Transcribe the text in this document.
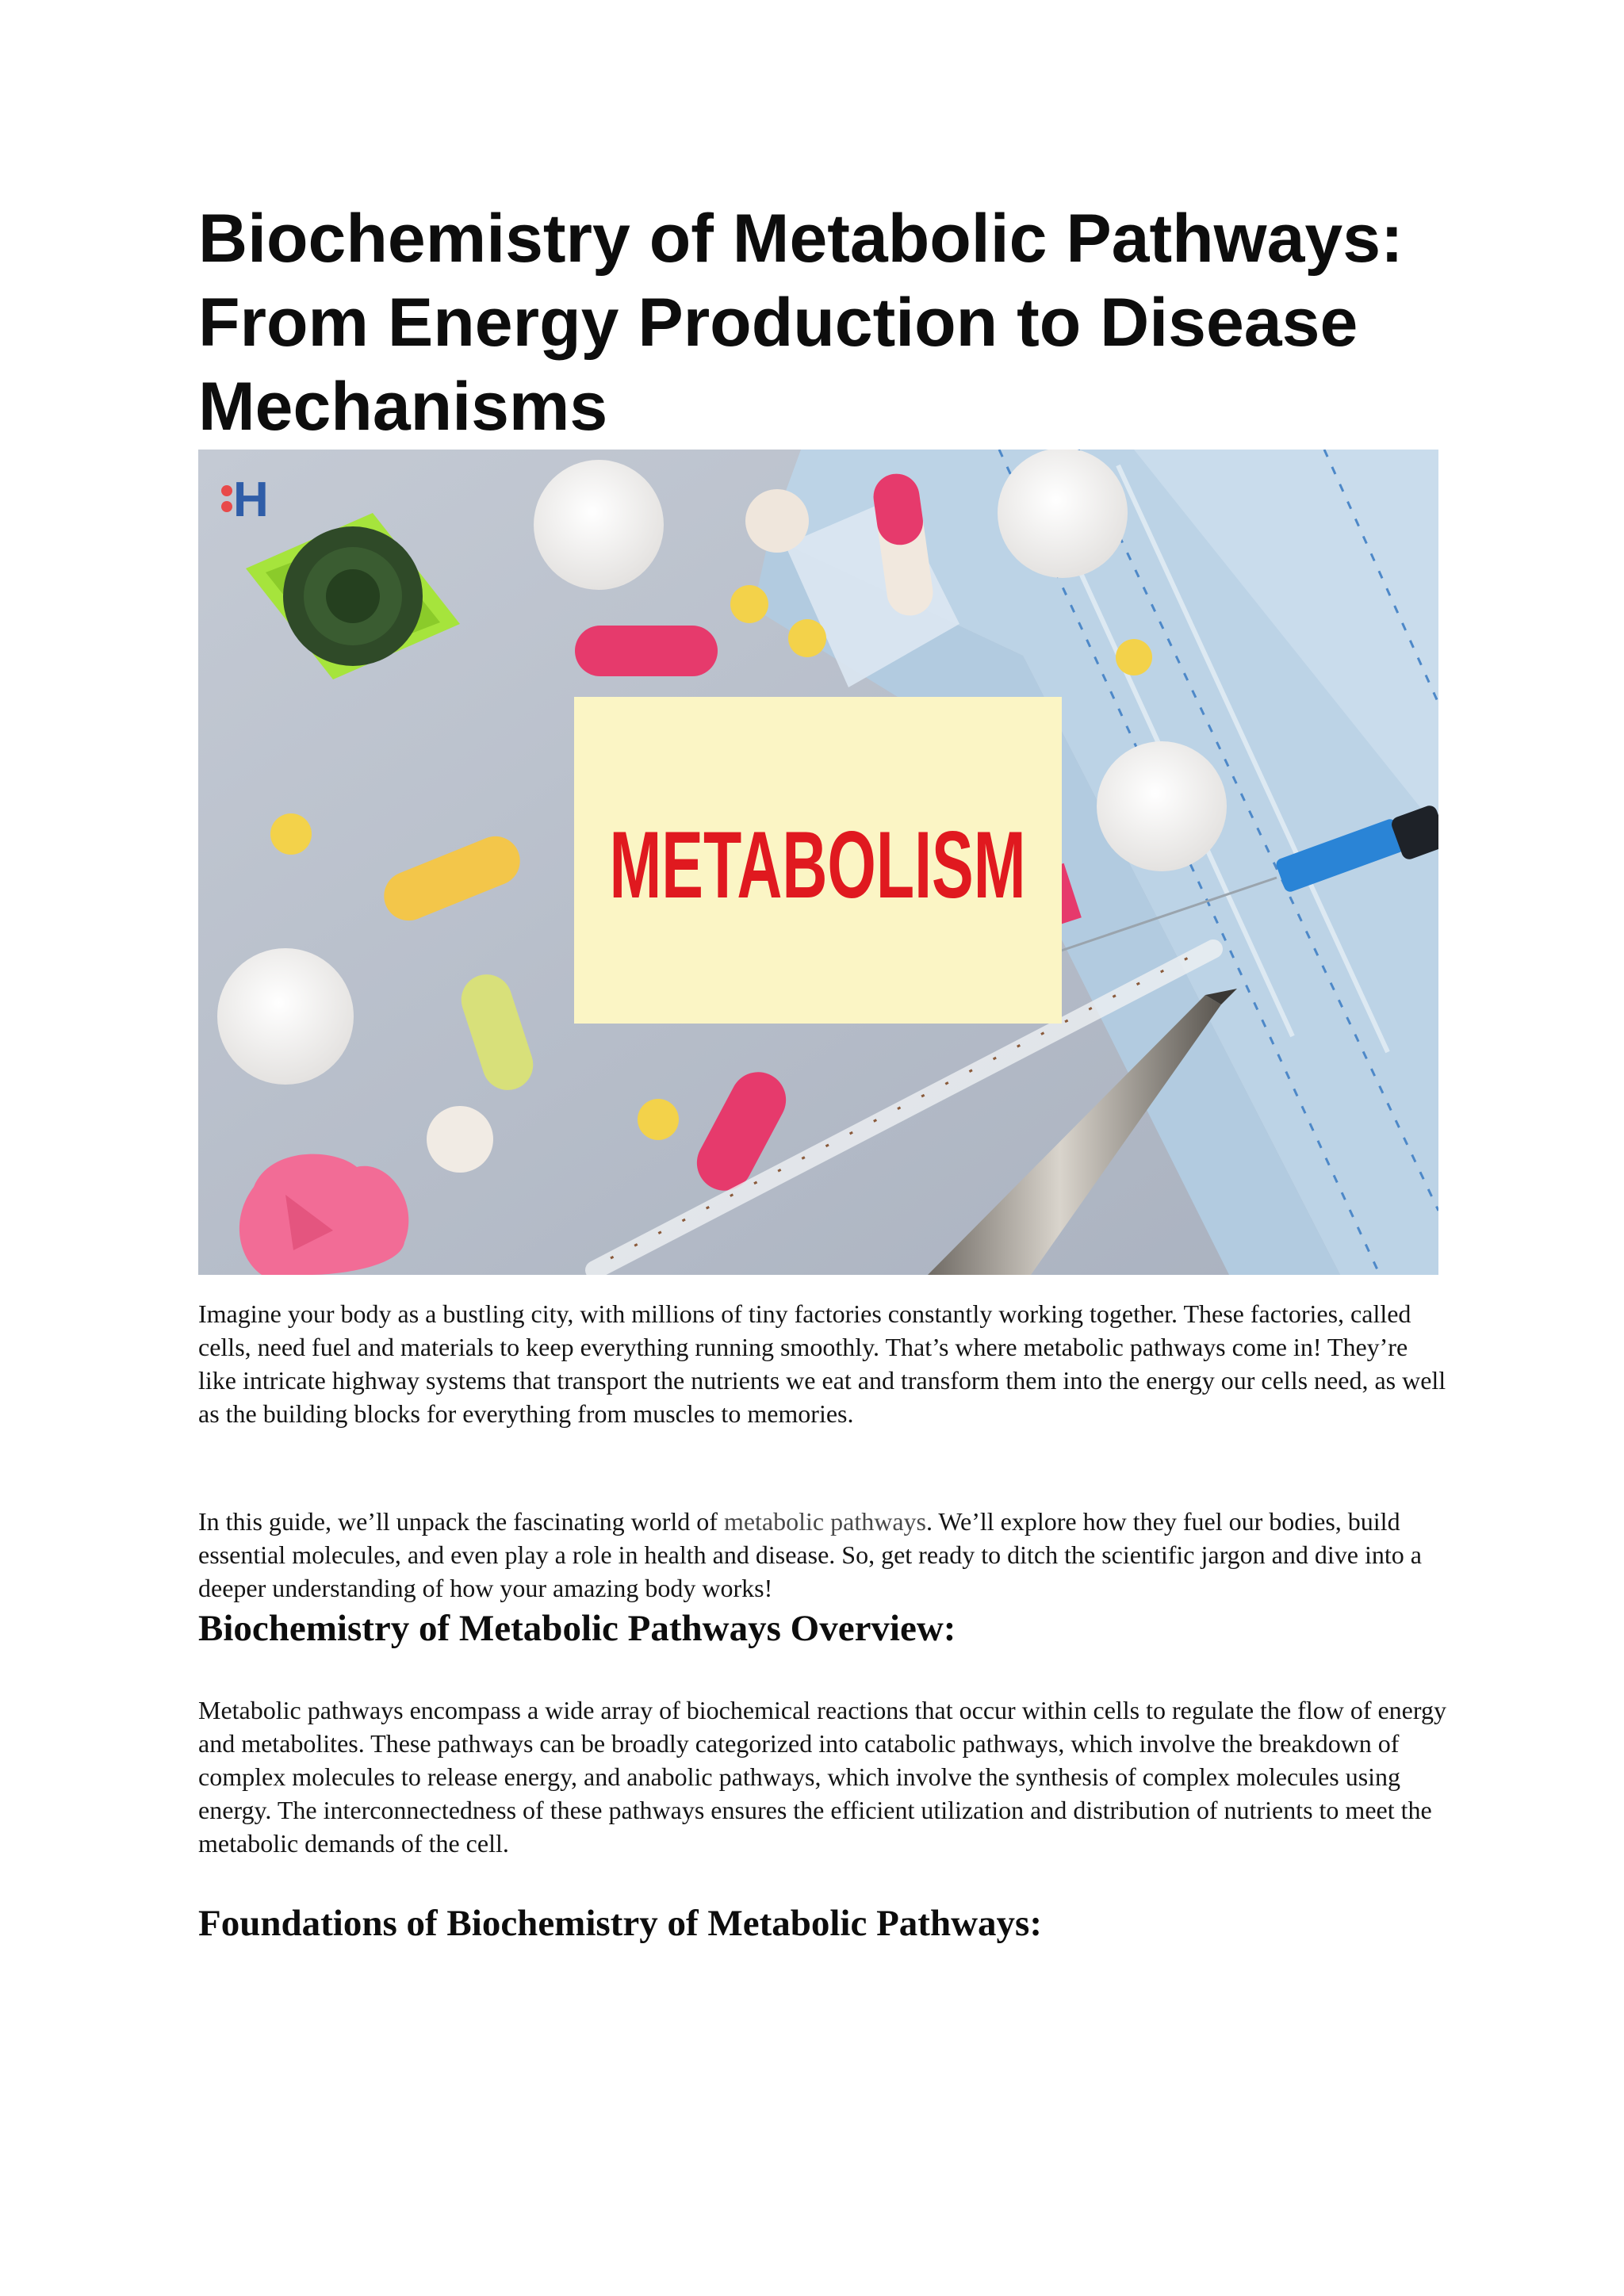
Biochemistry of Metabolic Pathways: From Energy Production to Disease Mechanisms
H
METABOLISM

Imagine your body as a bustling city, with millions of tiny factories constantly working together. These factories, called cells, need fuel and materials to keep everything running smoothly. That’s where metabolic pathways come in! They’re like intricate highway systems that transport the nutrients we eat and transform them into the energy our cells need, as well as the building blocks for everything from muscles to memories.

In this guide, we’ll unpack the fascinating world of metabolic pathways. We’ll explore how they fuel our bodies, build essential molecules, and even play a role in health and disease. So, get ready to ditch the scientific jargon and dive into a deeper understanding of how your amazing body works!

Biochemistry of Metabolic Pathways Overview:

Metabolic pathways encompass a wide array of biochemical reactions that occur within cells to regulate the flow of energy and metabolites. These pathways can be broadly categorized into catabolic pathways, which involve the breakdown of complex molecules to release energy, and anabolic pathways, which involve the synthesis of complex molecules using energy. The interconnectedness of these pathways ensures the efficient utilization and distribution of nutrients to meet the metabolic demands of the cell.

Foundations of Biochemistry of Metabolic Pathways:
